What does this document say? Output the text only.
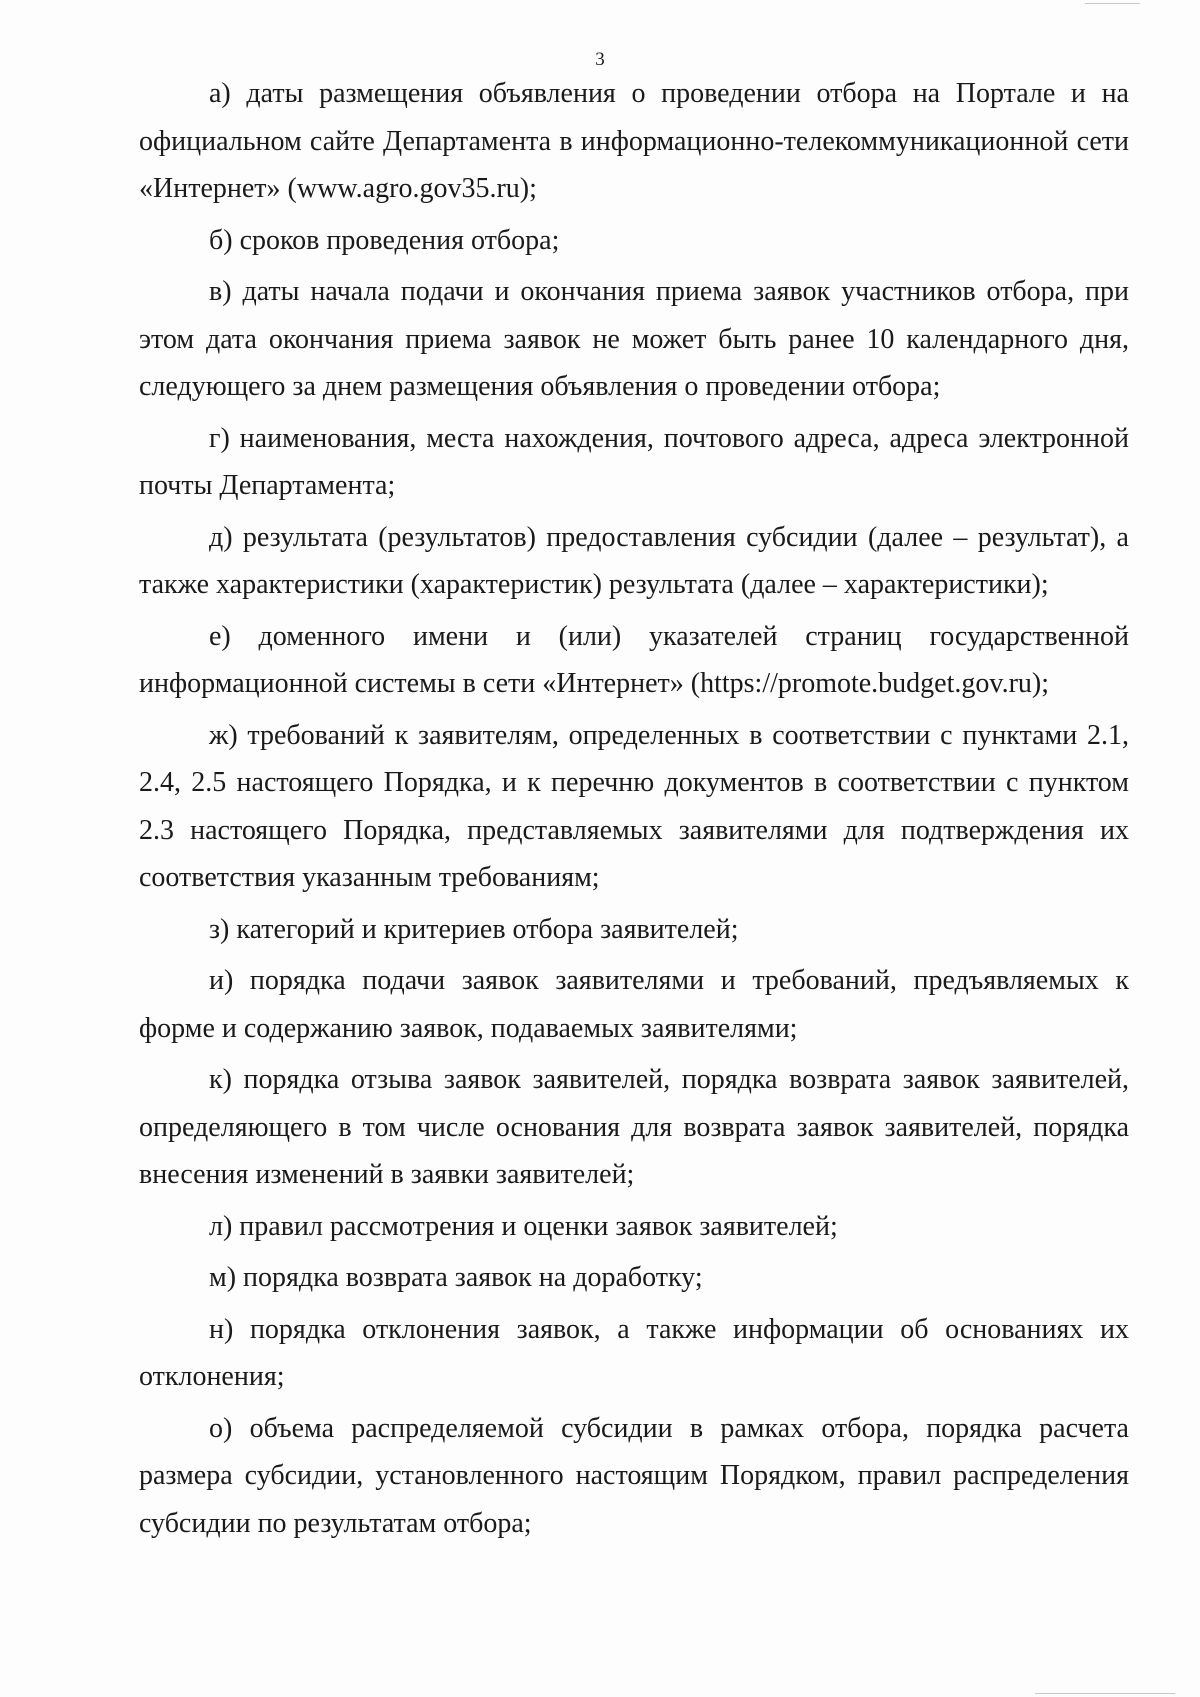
3

а) даты размещения объявления о проведении отбора на Портале и на официальном сайте Департамента в информационно-телекоммуникационной сети «Интернет» (www.agro.gov35.ru);

б) сроков проведения отбора;

в) даты начала подачи и окончания приема заявок участников отбора, при этом дата окончания приема заявок не может быть ранее 10 календарного дня, следующего за днем размещения объявления о проведении отбора;

г) наименования, места нахождения, почтового адреса, адреса электронной почты Департамента;

д) результата (результатов) предоставления субсидии (далее – результат), а также характеристики (характеристик) результата (далее – характеристики);

е) доменного имени и (или) указателей страниц государственной информационной системы в сети «Интернет» (https://promote.budget.gov.ru);

ж) требований к заявителям, определенных в соответствии с пунктами 2.1, 2.4, 2.5 настоящего Порядка, и к перечню документов в соответствии с пунктом 2.3 настоящего Порядка, представляемых заявителями для подтверждения их соответствия указанным требованиям;

з) категорий и критериев отбора заявителей;

и) порядка подачи заявок заявителями и требований, предъявляемых к форме и содержанию заявок, подаваемых заявителями;

к) порядка отзыва заявок заявителей, порядка возврата заявок заявителей, определяющего в том числе основания для возврата заявок заявителей, порядка внесения изменений в заявки заявителей;

л) правил рассмотрения и оценки заявок заявителей;

м) порядка возврата заявок на доработку;

н) порядка отклонения заявок, а также информации об основаниях их отклонения;

о) объема распределяемой субсидии в рамках отбора, порядка расчета размера субсидии, установленного настоящим Порядком, правил распределения субсидии по результатам отбора;
